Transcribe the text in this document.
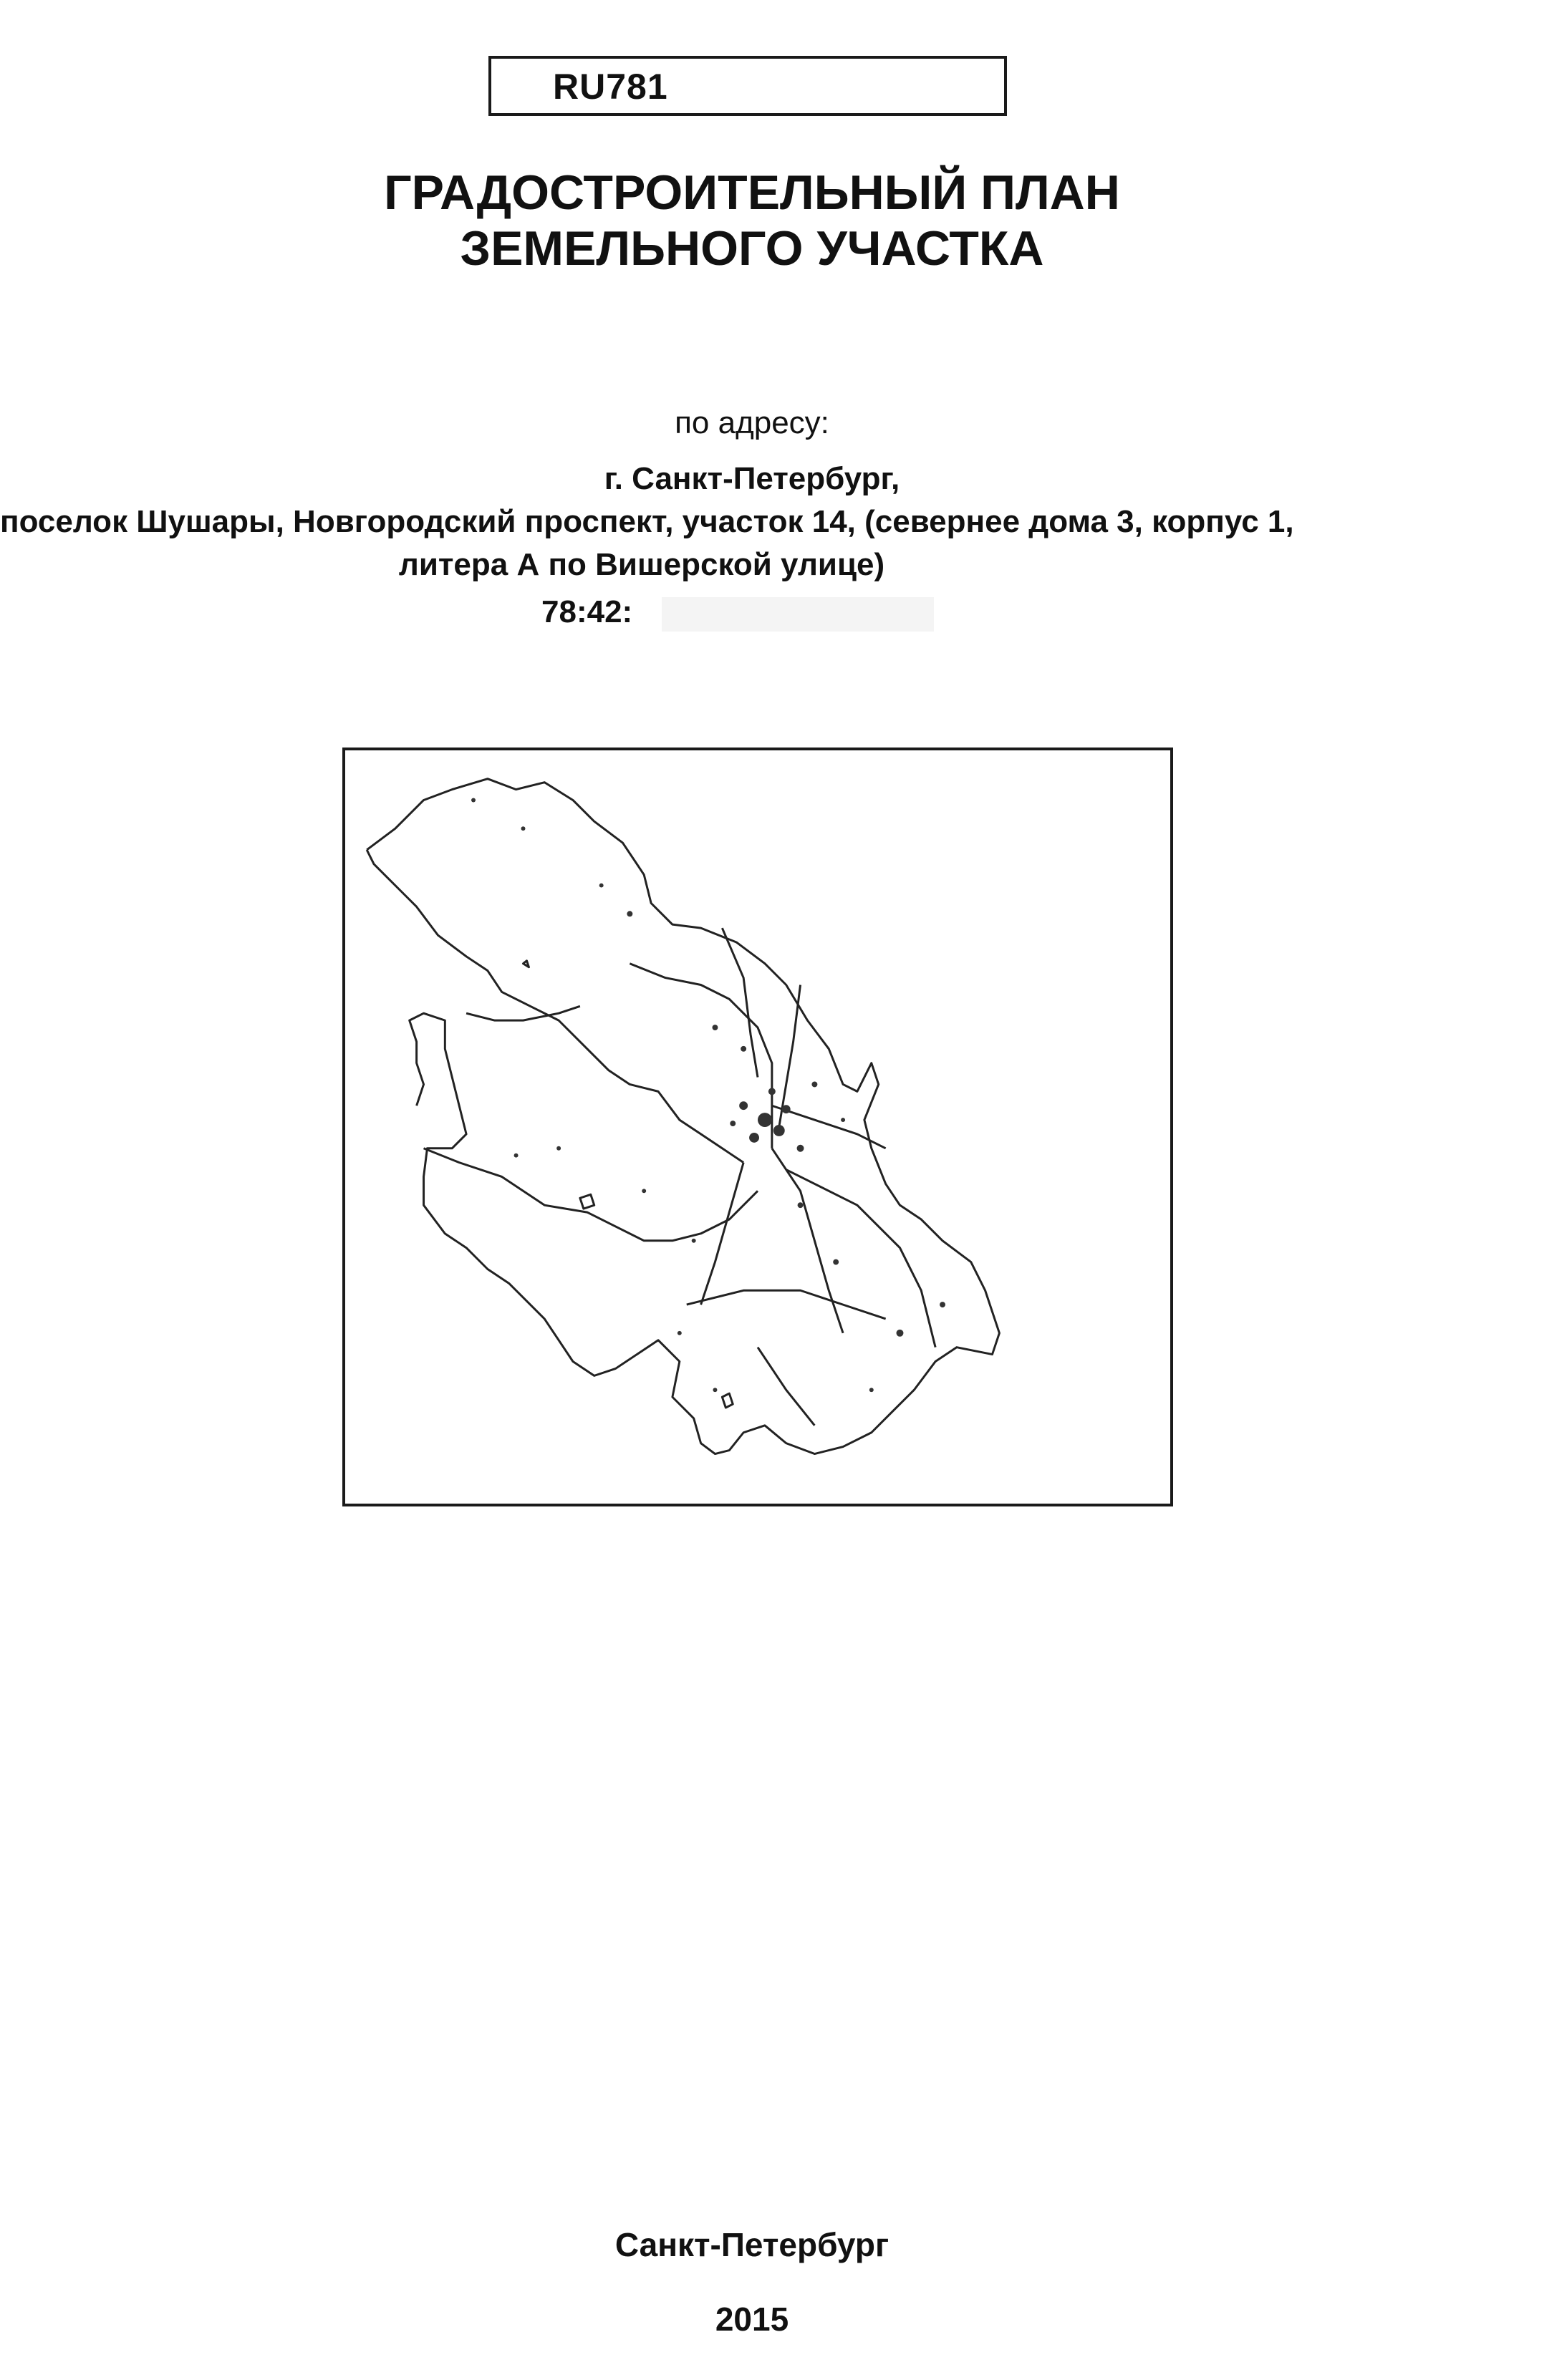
RU781
ГРАДОСТРОИТЕЛЬНЫЙ ПЛАН
ЗЕМЕЛЬНОГО УЧАСТКА
по адресу:
г. Санкт-Петербург,
поселок Шушары, Новгородский проспект, участок 14, (севернее дома 3, корпус 1,
литера А по Вишерской улице)
78:42:
Санкт-Петербург
2015
